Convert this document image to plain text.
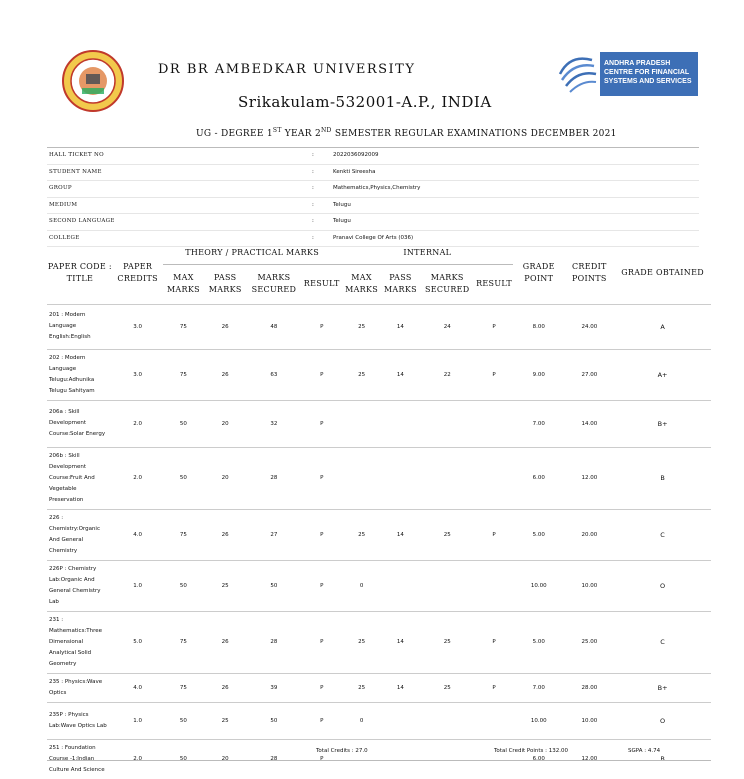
ANDHRA PRADESH
CENTRE FOR FINANCIAL
SYSTEMS AND SERVICES
DR BR AMBEDKAR UNIVERSITY
Srikakulam-532001-A.P., INDIA
UG - DEGREE 1ST YEAR 2ND SEMESTER REGULAR EXAMINATIONS DECEMBER 2021
HALL TICKET NO	:	2022036092009
STUDENT NAME	:	Kenkti Sireesha
GROUP	:	Mathematics,Physics,Chemistry
MEDIUM	:	Telugu
SECOND LANGUAGE	:	Telugu
COLLEGE	:	Pranavi College Of Arts (036)
PAPER CODE : TITLE	PAPER CREDITS	THEORY / PRACTICAL MARKS				INTERNAL				GRADE POINT	CREDIT POINTS	GRADE OBTAINED
		MAX MARKS	PASS MARKS	MARKS SECURED	RESULT	MAX MARKS	PASS MARKS	MARKS SECURED	RESULT			
201 : Modern Language English:English	3.0	75	26	48	P	25	14	24	P	8.00	24.00	A
202 : Modern Language Telugu:Adhunika Telugu Sahityam	3.0	75	26	63	P	25	14	22	P	9.00	27.00	A+
206a : Skill Development Course:Solar Energy	2.0	50	20	32	P					7.00	14.00	B+
206b : Skill Development Course:Fruit And Vegetable Preservation	2.0	50	20	28	P					6.00	12.00	B
226 : Chemistry:Organic And General Chemistry	4.0	75	26	27	P	25	14	25	P	5.00	20.00	C
226P : Chemistry Lab:Organic And General Chemistry Lab	1.0	50	25	50	P	0				10.00	10.00	O
231 : Mathematics:Three Dimensional Analytical Solid Geometry	5.0	75	26	28	P	25	14	25	P	5.00	25.00	C
235 : Physics:Wave Optics	4.0	75	26	39	P	25	14	25	P	7.00	28.00	B+
235P : Physics Lab:Wave Optics Lab	1.0	50	25	50	P	0				10.00	10.00	O
251 : Foundation Course -1:Indian Culture And Science	2.0	50	20	28	P					6.00	12.00	B
Total Credits : 27.0	Total Credit Points : 132.00	SGPA : 4.74
